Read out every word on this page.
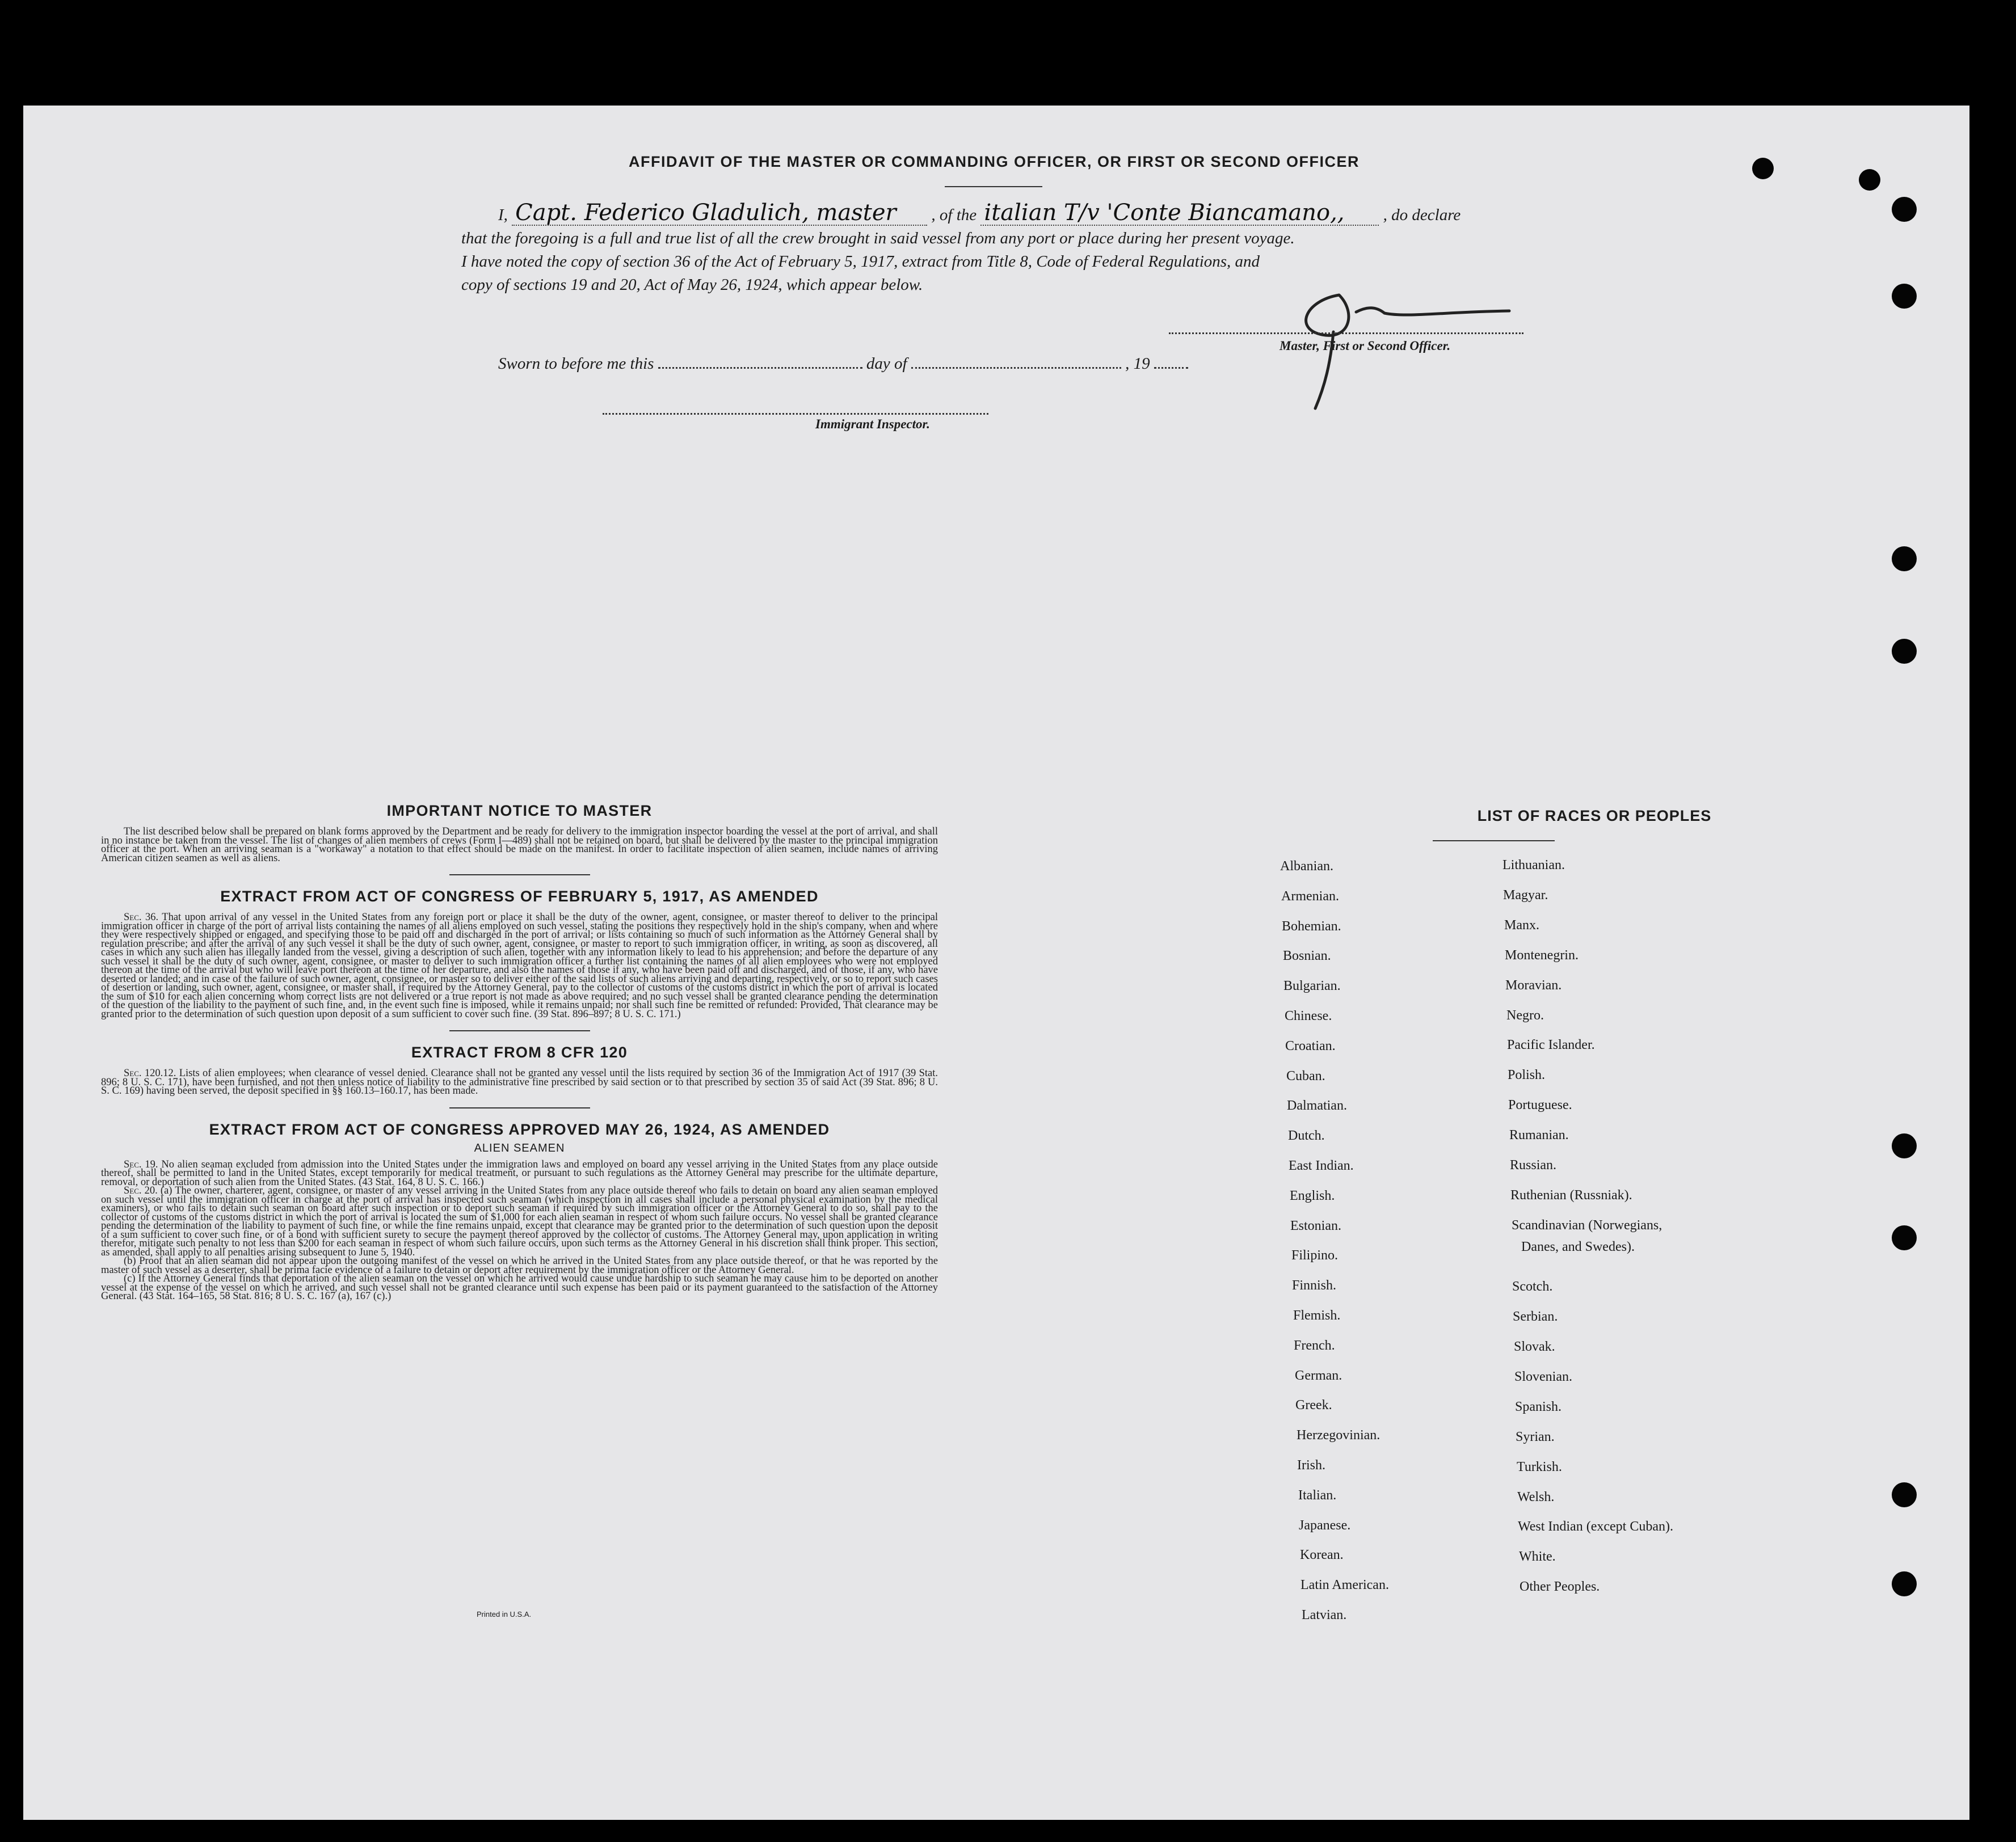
AFFIDAVIT OF THE MASTER OR COMMANDING OFFICER, OR FIRST OR SECOND OFFICER
I, Capt. Federico Gladulich, master , of the italian T/v 'Conte Biancamano,, , do declare
that the foregoing is a full and true list of all the crew brought in said vessel from any port or place during her present voyage.
I have noted the copy of section 36 of the Act of February 5, 1917, extract from Title 8, Code of Federal Regulations, and
copy of sections 19 and 20, Act of May 26, 1924, which appear below.
Master, First or Second Officer.
Sworn to before me this	day of	, 19
Immigrant Inspector.

IMPORTANT NOTICE TO MASTER

The list described below shall be prepared on blank forms approved by the Department and be ready for delivery to the immigration inspector boarding the vessel at the port of arrival, and shall in no instance be taken from the vessel. The list of changes of alien members of crews (Form I—489) shall not be retained on board, but shall be delivered by the master to the principal immigration officer at the port. When an arriving seaman is a "workaway" a notation to that effect should be made on the manifest. In order to facilitate inspection of alien seamen, include names of arriving American citizen seamen as well as aliens.

EXTRACT FROM ACT OF CONGRESS OF FEBRUARY 5, 1917, AS AMENDED

Sec. 36. That upon arrival of any vessel in the United States from any foreign port or place it shall be the duty of the owner, agent, consignee, or master thereof to deliver to the principal immigration officer in charge of the port of arrival lists containing the names of all aliens employed on such vessel, stating the positions they respectively hold in the ship's company, when and where they were respectively shipped or engaged, and specifying those to be paid off and discharged in the port of arrival; or lists containing so much of such information as the Attorney General shall by regulation prescribe; and after the arrival of any such vessel it shall be the duty of such owner, agent, consignee, or master to report to such immigration officer, in writing, as soon as discovered, all cases in which any such alien has illegally landed from the vessel, giving a description of such alien, together with any information likely to lead to his apprehension; and before the departure of any such vessel it shall be the duty of such owner, agent, consignee, or master to deliver to such immigration officer a further list containing the names of all alien employees who were not employed thereon at the time of the arrival but who will leave port thereon at the time of her departure, and also the names of those if any, who have been paid off and discharged, and of those, if any, who have deserted or landed; and in case of the failure of such owner, agent, consignee, or master so to deliver either of the said lists of such aliens arriving and departing, respectively, or so to report such cases of desertion or landing, such owner, agent, consignee, or master shall, if required by the Attorney General, pay to the collector of customs of the customs district in which the port of arrival is located the sum of $10 for each alien concerning whom correct lists are not delivered or a true report is not made as above required; and no such vessel shall be granted clearance pending the determination of the question of the liability to the payment of such fine, and, in the event such fine is imposed, while it remains unpaid; nor shall such fine be remitted or refunded: Provided, That clearance may be granted prior to the determination of such question upon deposit of a sum sufficient to cover such fine. (39 Stat. 896–897; 8 U. S. C. 171.)

EXTRACT FROM 8 CFR 120

Sec. 120.12. Lists of alien employees; when clearance of vessel denied. Clearance shall not be granted any vessel until the lists required by section 36 of the Immigration Act of 1917 (39 Stat. 896; 8 U. S. C. 171), have been furnished, and not then unless notice of liability to the administrative fine prescribed by said section or to that prescribed by section 35 of said Act (39 Stat. 896; 8 U. S. C. 169) having been served, the deposit specified in §§ 160.13–160.17, has been made.

EXTRACT FROM ACT OF CONGRESS APPROVED MAY 26, 1924, AS AMENDED

ALIEN SEAMEN

Sec. 19. No alien seaman excluded from admission into the United States under the immigration laws and employed on board any vessel arriving in the United States from any place outside thereof, shall be permitted to land in the United States, except temporarily for medical treatment, or pursuant to such regulations as the Attorney General may prescribe for the ultimate departure, removal, or deportation of such alien from the United States. (43 Stat. 164, 8 U. S. C. 166.)

Sec. 20. (a) The owner, charterer, agent, consignee, or master of any vessel arriving in the United States from any place outside thereof who fails to detain on board any alien seaman employed on such vessel until the immigration officer in charge at the port of arrival has inspected such seaman (which inspection in all cases shall include a personal physical examination by the medical examiners), or who fails to detain such seaman on board after such inspection or to deport such seaman if required by such immigration officer or the Attorney General to do so, shall pay to the collector of customs of the customs district in which the port of arrival is located the sum of $1,000 for each alien seaman in respect of whom such failure occurs. No vessel shall be granted clearance pending the determination of the liability to payment of such fine, or while the fine remains unpaid, except that clearance may be granted prior to the determination of such question upon the deposit of a sum sufficient to cover such fine, or of a bond with sufficient surety to secure the payment thereof approved by the collector of customs. The Attorney General may, upon application in writing therefor, mitigate such penalty to not less than $200 for each seaman in respect of whom such failure occurs, upon such terms as the Attorney General in his discretion shall think proper. This section, as amended, shall apply to all penalties arising subsequent to June 5, 1940.

(b) Proof that an alien seaman did not appear upon the outgoing manifest of the vessel on which he arrived in the United States from any place outside thereof, or that he was reported by the master of such vessel as a deserter, shall be prima facie evidence of a failure to detain or deport after requirement by the immigration officer or the Attorney General.

(c) If the Attorney General finds that deportation of the alien seaman on the vessel on which he arrived would cause undue hardship to such seaman he may cause him to be deported on another vessel at the expense of the vessel on which he arrived, and such vessel shall not be granted clearance until such expense has been paid or its payment guaranteed to the satisfaction of the Attorney General. (43 Stat. 164–165, 58 Stat. 816; 8 U. S. C. 167 (a), 167 (c).)

Printed in U.S.A.
LIST OF RACES OR PEOPLES
Albanian.
Armenian.
Bohemian.
Bosnian.
Bulgarian.
Chinese.
Croatian.
Cuban.
Dalmatian.
Dutch.
East Indian.
English.
Estonian.
Filipino.
Finnish.
Flemish.
French.
German.
Greek.
Herzegovinian.
Irish.
Italian.
Japanese.
Korean.
Latin American.
Latvian.
Lithuanian.
Magyar.
Manx.
Montenegrin.
Moravian.
Negro.
Pacific Islander.
Polish.
Portuguese.
Rumanian.
Russian.
Ruthenian (Russniak).
Scandinavian (Norwegians,
Scotch.
Serbian.
Slovak.
Slovenian.
Spanish.
Syrian.
Turkish.
Welsh.
West Indian (except Cuban).
White.
Other Peoples.
Danes, and Swedes).
